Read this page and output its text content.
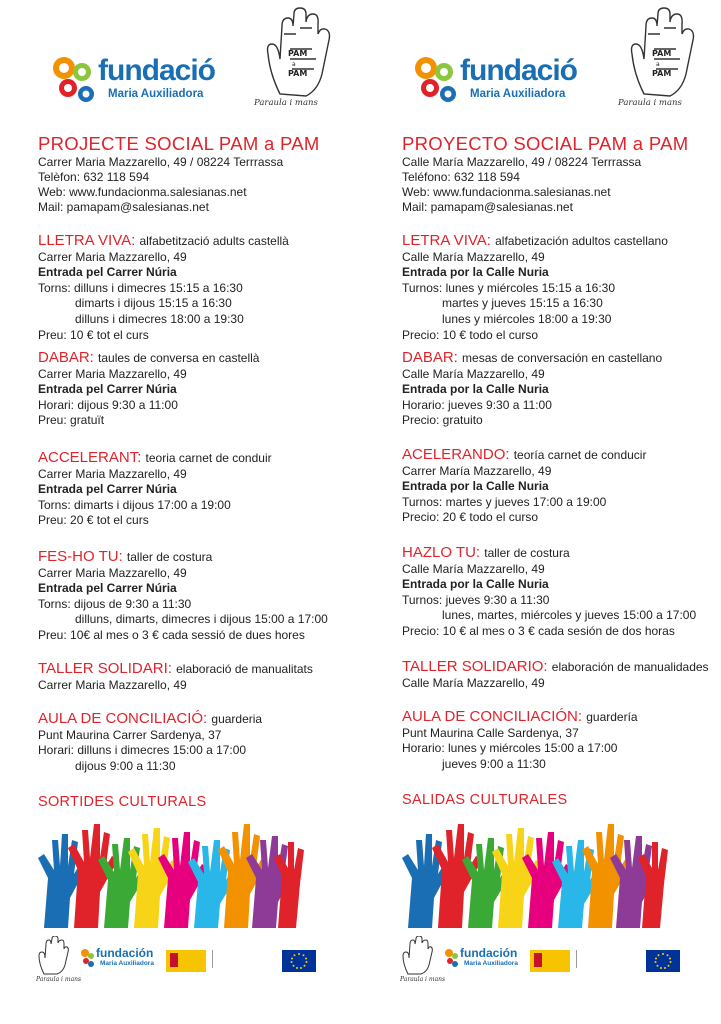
fundació
Maria Auxiliadora
PAM
a
PAM
Paraula i mans
PROJECTE SOCIAL PAM a PAM
Carrer Maria Mazzarello, 49 / 08224 Terrrassa
Telèfon: 632 118 594
Web: www.fundacionma.salesianas.net
Mail: pamapam@salesianas.net
LLETRA VIVA: alfabetització adults castellà
Carrer Maria Mazzarello, 49
Entrada pel Carrer Núria
Torns: dilluns i dimecres 15:15 a 16:30
dimarts i dijous 15:15 a 16:30
dilluns i dimecres 18:00 a 19:30
Preu: 10 € tot el curs
DABAR: taules de conversa en castellà
Carrer Maria Mazzarello, 49
Entrada pel Carrer Núria
Horari: dijous 9:30 a 11:00
Preu: gratuït
ACCELERANT: teoria carnet de conduir
Carrer Maria Mazzarello, 49
Entrada pel Carrer Núria
Torns: dimarts i dijous 17:00 a 19:00
Preu: 20 € tot el curs
FES-HO TU: taller de costura
Carrer Maria Mazzarello, 49
Entrada pel Carrer Núria
Torns: dijous de 9:30 a 11:30
dilluns, dimarts, dimecres i dijous 15:00 a 17:00
Preu: 10€ al mes o 3 € cada sessió de dues hores
TALLER SOLIDARI: elaboració de manualitats
Carrer Maria Mazzarello, 49
AULA DE CONCILIACIÓ: guarderia
Punt Maurina Carrer Sardenya, 37
Horari: dilluns i dimecres 15:00 a 17:00
dijous 9:00 a 11:30
SORTIDES CULTURALS
Paraula i mans
fundación
Maria Auxiliadora
fundació
Maria Auxiliadora
PAM
a
PAM
Paraula i mans
PROYECTO SOCIAL PAM a PAM
Calle María Mazzarello, 49 / 08224 Terrrassa
Teléfono: 632 118 594
Web: www.fundacionma.salesianas.net
Mail: pamapam@salesianas.net
LETRA VIVA: alfabetización adultos castellano
Calle María Mazzarello, 49
Entrada por la Calle Nuria
Turnos: lunes y miércoles 15:15 a 16:30
martes y jueves 15:15 a 16:30
lunes y miércoles 18:00 a 19:30
Precio: 10 € todo el curso
DABAR: mesas de conversación en castellano
Calle María Mazzarello, 49
Entrada por la Calle Nuria
Horario: jueves 9:30 a 11:00
Precio: gratuito
ACELERANDO: teoría carnet de conducir
Carrer María Mazzarello, 49
Entrada por la Calle Nuria
Turnos: martes y jueves 17:00 a 19:00
Precio: 20 € todo el curso
HAZLO TU: taller de costura
Calle María Mazzarello, 49
Entrada por la Calle Nuria
Turnos: jueves 9:30 a 11:30
lunes, martes, miércoles y jueves 15:00 a 17:00
Precio: 10 € al mes o 3 € cada sesión de dos horas
TALLER SOLIDARIO: elaboración de manualidades
Calle María Mazzarello, 49
AULA DE CONCILIACIÓN: guardería
Punt Maurina Calle Sardenya, 37
Horario: lunes y miércoles 15:00 a 17:00
jueves 9:00 a 11:30
SALIDAS CULTURALES
Paraula i mans
fundación
Maria Auxiliadora
